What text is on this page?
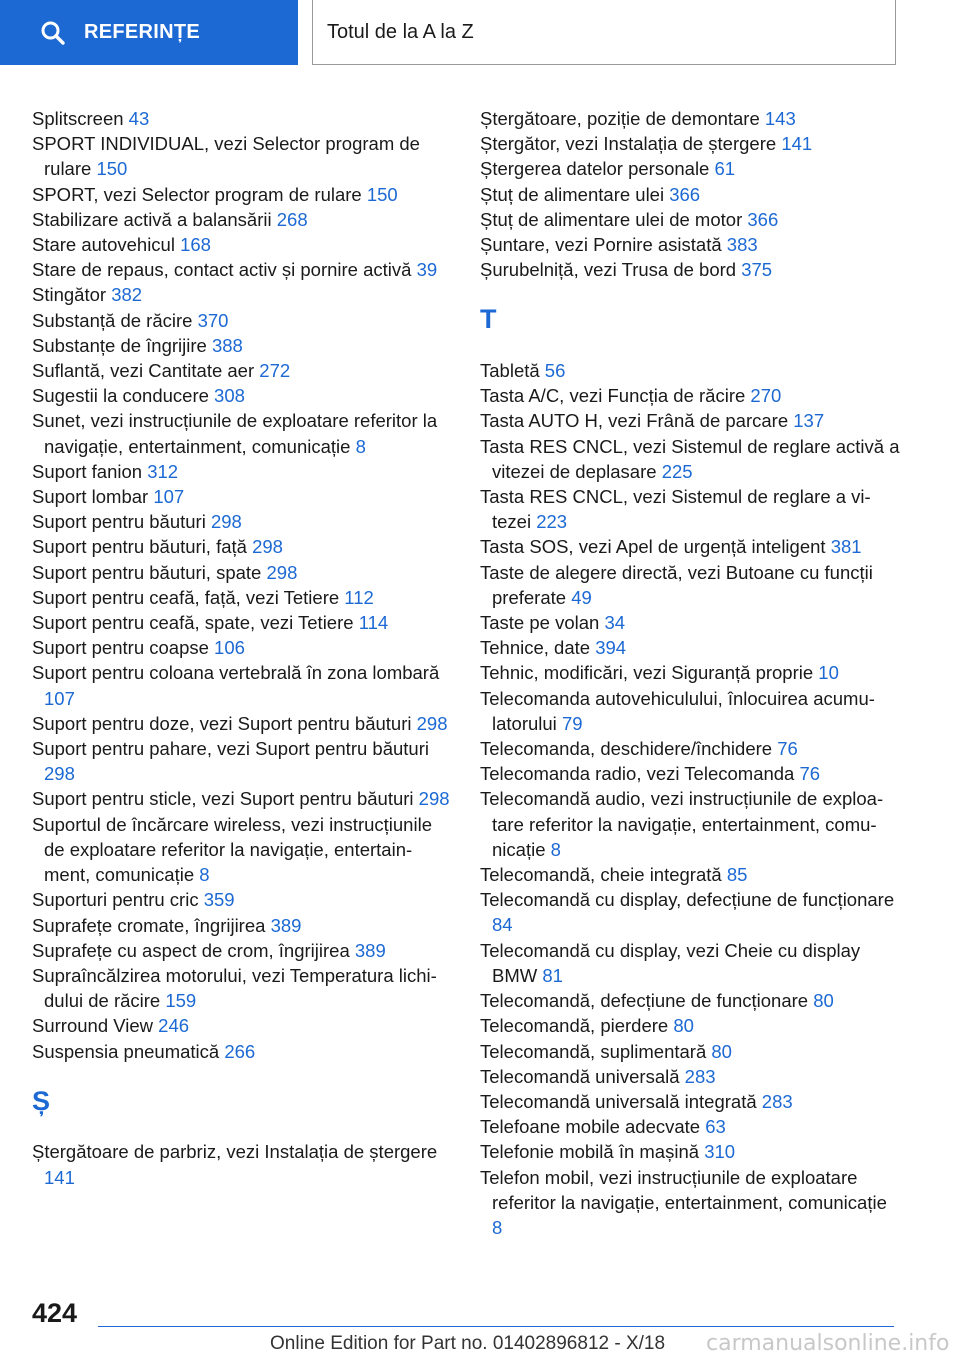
REFERINȚE	Totul de la A la Z
Splitscreen 43
SPORT INDIVIDUAL, vezi Selector program de rulare 150
SPORT, vezi Selector program de rulare 150
Stabilizare activă a balansării 268
Stare autovehicul 168
Stare de repaus, contact activ și pornire activă 39
Stingător 382
Substanță de răcire 370
Substanțe de îngrijire 388
Suflantă, vezi Cantitate aer 272
Sugestii la conducere 308
Sunet, vezi instrucțiunile de exploatare referitor la navigație, entertainment, comunicație 8
Suport fanion 312
Suport lombar 107
Suport pentru băuturi 298
Suport pentru băuturi, față 298
Suport pentru băuturi, spate 298
Suport pentru ceafă, față, vezi Tetiere 112
Suport pentru ceafă, spate, vezi Tetiere 114
Suport pentru coapse 106
Suport pentru coloana vertebrală în zona lombară 107
Suport pentru doze, vezi Suport pentru băuturi 298
Suport pentru pahare, vezi Suport pentru băuturi 298
Suport pentru sticle, vezi Suport pentru băuturi 298
Suportul de încărcare wireless, vezi instrucțiunile de exploatare referitor la navigație, entertainment, comunicație 8
Suporturi pentru cric 359
Suprafețe cromate, îngrijirea 389
Suprafețe cu aspect de crom, îngrijirea 389
Supraîncălzirea motorului, vezi Temperatura lichidului de răcire 159
Surround View 246
Suspensia pneumatică 266
Ș
Ștergătoare de parbriz, vezi Instalația de ștergere 141
Ștergătoare, poziție de demontare 143
Ștergător, vezi Instalația de ștergere 141
Ștergerea datelor personale 61
Ștuț de alimentare ulei 366
Ștuț de alimentare ulei de motor 366
Șuntare, vezi Pornire asistată 383
Șurubelniță, vezi Trusa de bord 375
T
Tabletă 56
Tasta A/C, vezi Funcția de răcire 270
Tasta AUTO H, vezi Frână de parcare 137
Tasta RES CNCL, vezi Sistemul de reglare activă a vitezei de deplasare 225
Tasta RES CNCL, vezi Sistemul de reglare a vitezei 223
Tasta SOS, vezi Apel de urgență inteligent 381
Taste de alegere directă, vezi Butoane cu funcții preferate 49
Taste pe volan 34
Tehnice, date 394
Tehnic, modificări, vezi Siguranță proprie 10
Telecomanda autovehiculului, înlocuirea acumulatorului 79
Telecomanda, deschidere/închidere 76
Telecomanda radio, vezi Telecomanda 76
Telecomandă audio, vezi instrucțiunile de exploatare referitor la navigație, entertainment, comunicație 8
Telecomandă, cheie integrată 85
Telecomandă cu display, defecțiune de funcționare 84
Telecomandă cu display, vezi Cheie cu display BMW 81
Telecomandă, defecțiune de funcționare 80
Telecomandă, pierdere 80
Telecomandă, suplimentară 80
Telecomandă universală 283
Telecomandă universală integrată 283
Telefoane mobile adecvate 63
Telefonie mobilă în mașină 310
Telefon mobil, vezi instrucțiunile de exploatare referitor la navigație, entertainment, comunicație 8
424
Online Edition for Part no. 01402896812 - X/18 carmanualsonline.info
